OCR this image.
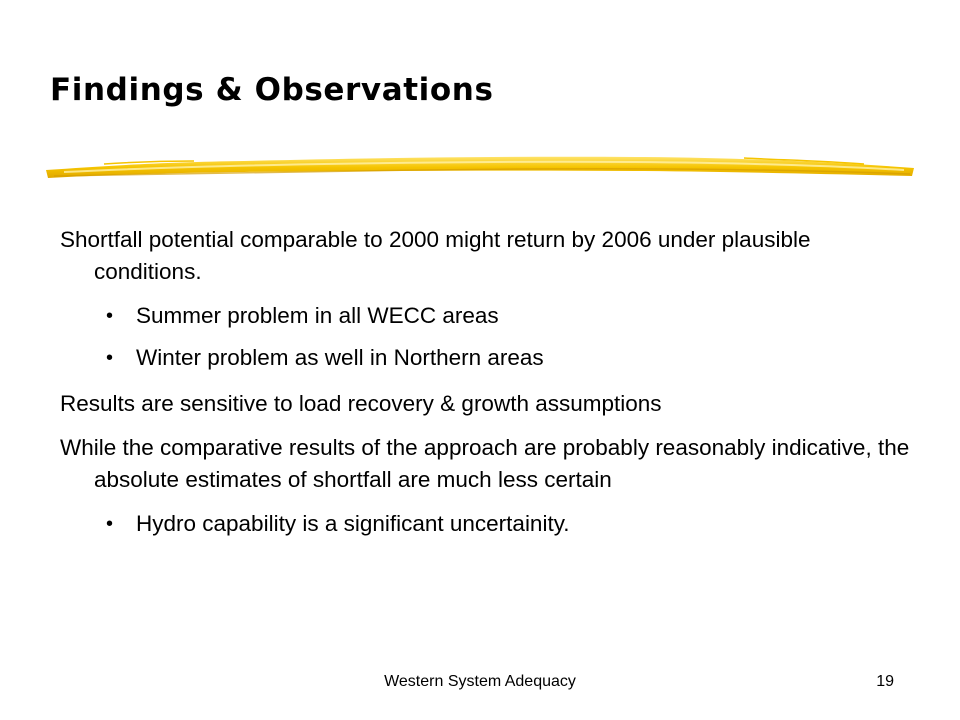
Findings & Observations

Shortfall potential comparable to 2000 might return by 2006 under plausible conditions.

• Summer problem in all WECC areas
• Winter problem as well in Northern areas

Results are sensitive to load recovery & growth assumptions

While the comparative results of the approach are probably reasonably indicative, the absolute estimates of shortfall are much less certain

• Hydro capability is a significant uncertainity.
Western System Adequacy	19
